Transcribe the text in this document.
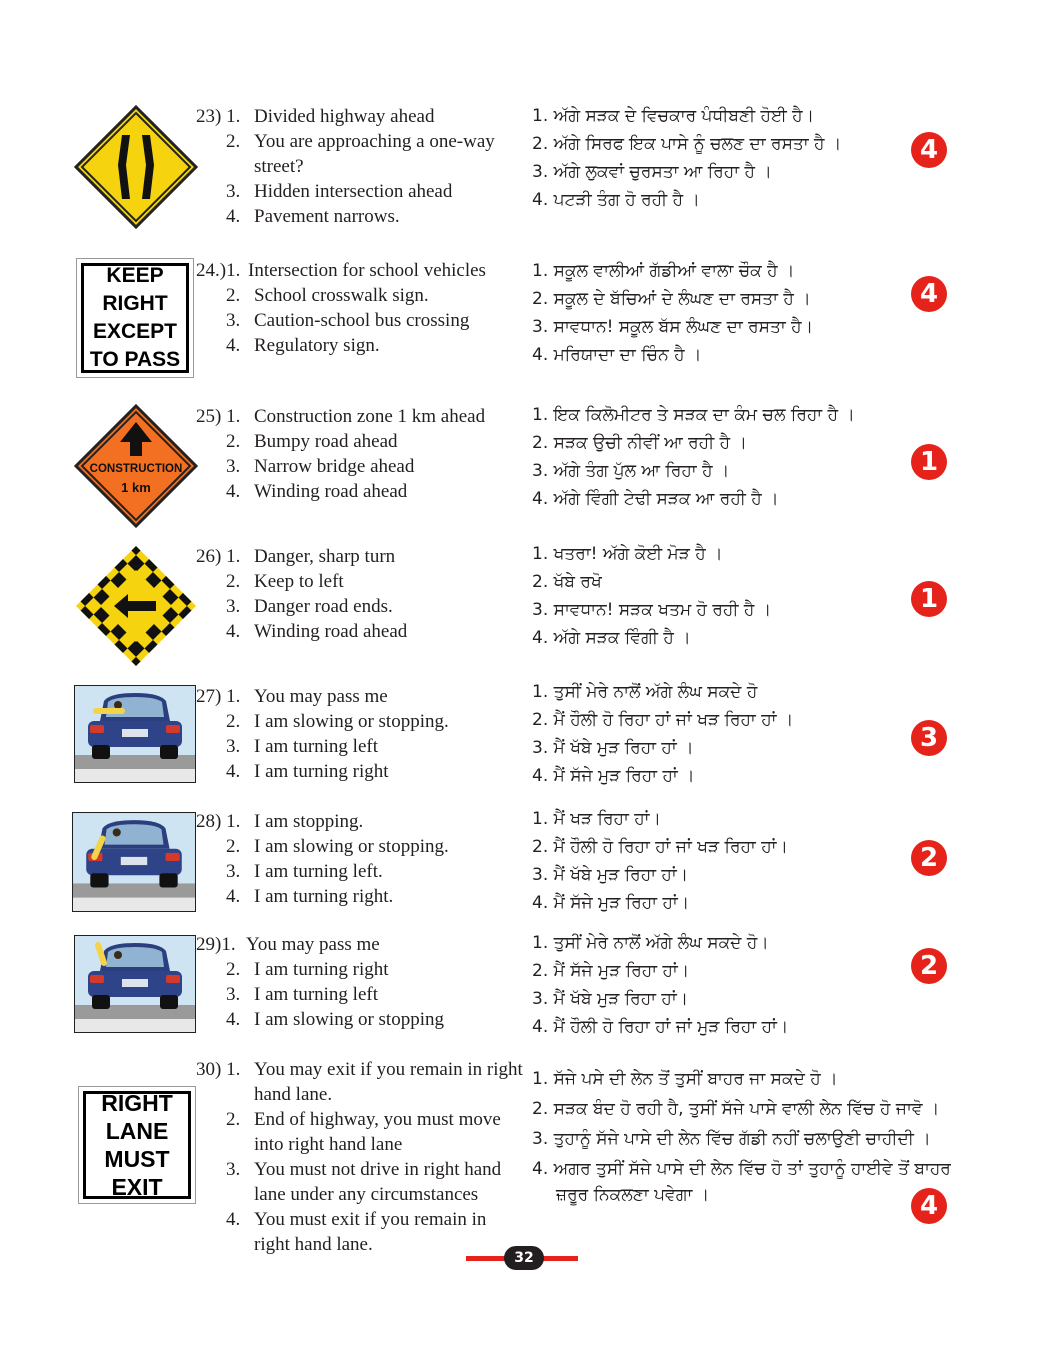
23) 1. Divided highway ahead
2. You are approaching a one-way street?
3. Hidden intersection ahead
4. Pavement narrows.
1. ਅੱਗੇ ਸੜਕ ਦੇ ਵਿਚਕਾਰ ਪੰਧੀਬਣੀ ਹੋਈ ਹੈ।
2. ਅੱਗੇ ਸਿਰਫ ਇਕ ਪਾਸੇ ਨੂੰ ਚਲਣ ਦਾ ਰਸਤਾ ਹੈ ।
3. ਅੱਗੇ ਲੁਕਵਾਂ ਚੁਰਸਤਾ ਆ ਰਿਹਾ ਹੈ ।
4. ਪਟੜੀ ਤੰਗ ਹੋ ਰਹੀ ਹੈ ।
4
KEEP
RIGHT
EXCEPT
TO PASS
24.)1. Intersection for school vehicles
2. School crosswalk sign.
3. Caution-school bus crossing
4. Regulatory sign.
1. ਸਕੂਲ ਵਾਲੀਆਂ ਗੱਡੀਆਂ ਵਾਲਾ ਚੌਕ ਹੈ ।
2. ਸਕੂਲ ਦੇ ਬੱਚਿਆਂ ਦੇ ਲੰਘਣ ਦਾ ਰਸਤਾ ਹੈ ।
3. ਸਾਵਧਾਨ! ਸਕੂਲ ਬੱਸ ਲੰਘਣ ਦਾ ਰਸਤਾ ਹੈ।
4. ਮਰਿਯਾਦਾ ਦਾ ਚਿੰਨ ਹੈ ।
4
CONSTRUCTION
1 km
25) 1. Construction zone 1 km ahead
2. Bumpy road ahead
3. Narrow bridge ahead
4. Winding road ahead
1. ਇਕ ਕਿਲੋਮੀਟਰ ਤੇ ਸੜਕ ਦਾ ਕੰਮ ਚਲ ਰਿਹਾ ਹੈ ।
2. ਸੜਕ ਉਚੀ ਨੀਵੀਂ ਆ ਰਹੀ ਹੈ ।
3. ਅੱਗੇ ਤੰਗ ਪੁੱਲ ਆ ਰਿਹਾ ਹੈ ।
4. ਅੱਗੇ ਵਿੰਗੀ ਟੇਢੀ ਸੜਕ ਆ ਰਹੀ ਹੈ ।
1
26) 1. Danger, sharp turn
2. Keep to left
3. Danger road ends.
4. Winding road ahead
1. ਖਤਰਾ! ਅੱਗੇ ਕੋਈ ਮੋੜ ਹੈ ।
2. ਖੱਬੇ ਰਖੋ
3. ਸਾਵਧਾਨ! ਸੜਕ ਖਤਮ ਹੋ ਰਹੀ ਹੈ ।
4. ਅੱਗੇ ਸੜਕ ਵਿੰਗੀ ਹੈ ।
1
27) 1. You may pass me
2. I am slowing or stopping.
3. I am turning left
4. I am turning right
1. ਤੁਸੀਂ ਮੇਰੇ ਨਾਲੋਂ ਅੱਗੇ ਲੰਘ ਸਕਦੇ ਹੋ
2. ਮੈਂ ਹੌਲੀ ਹੋ ਰਿਹਾ ਹਾਂ ਜਾਂ ਖੜ ਰਿਹਾ ਹਾਂ ।
3. ਮੈਂ ਖੱਬੇ ਮੁੜ ਰਿਹਾ ਹਾਂ ।
4. ਮੈਂ ਸੱਜੇ ਮੁੜ ਰਿਹਾ ਹਾਂ ।
3
28) 1. I am stopping.
2. I am slowing or stopping.
3. I am turning left.
4. I am turning right.
1. ਮੈਂ ਖੜ ਰਿਹਾ ਹਾਂ।
2. ਮੈਂ ਹੌਲੀ ਹੋ ਰਿਹਾ ਹਾਂ ਜਾਂ ਖੜ ਰਿਹਾ ਹਾਂ।
3. ਮੈਂ ਖੱਬੇ ਮੁੜ ਰਿਹਾ ਹਾਂ।
4. ਮੈਂ ਸੱਜੇ ਮੁੜ ਰਿਹਾ ਹਾਂ।
2
29)1. You may pass me
2. I am turning right
3. I am turning left
4. I am slowing or stopping
1. ਤੁਸੀਂ ਮੇਰੇ ਨਾਲੋਂ ਅੱਗੇ ਲੰਘ ਸਕਦੇ ਹੋ।
2. ਮੈਂ ਸੱਜੇ ਮੁੜ ਰਿਹਾ ਹਾਂ।
3. ਮੈਂ ਖੱਬੇ ਮੁੜ ਰਿਹਾ ਹਾਂ।
4. ਮੈਂ ਹੌਲੀ ਹੋ ਰਿਹਾ ਹਾਂ ਜਾਂ ਮੁੜ ਰਿਹਾ ਹਾਂ।
2
RIGHT
LANE
MUST
EXIT
30) 1. You may exit if you remain in right hand lane.
2. End of highway, you must move into right hand lane
3. You must not drive in right hand lane under any circumstances
4. You must exit if you remain in right hand lane.
1. ਸੱਜੇ ਪਸੇ ਦੀ ਲੇਨ ਤੋਂ ਤੁਸੀਂ ਬਾਹਰ ਜਾ ਸਕਦੇ ਹੋ ।
2. ਸੜਕ ਬੰਦ ਹੋ ਰਹੀ ਹੈ, ਤੁਸੀਂ ਸੱਜੇ ਪਾਸੇ ਵਾਲੀ ਲੇਨ ਵਿੱਚ ਹੋ ਜਾਵੋ ।
3. ਤੁਹਾਨੂੰ ਸੱਜੇ ਪਾਸੇ ਦੀ ਲੇਨ ਵਿੱਚ ਗੱਡੀ ਨਹੀਂ ਚਲਾਉਣੀ ਚਾਹੀਦੀ ।
4. ਅਗਰ ਤੁਸੀਂ ਸੱਜੇ ਪਾਸੇ ਦੀ ਲੇਨ ਵਿੱਚ ਹੋ ਤਾਂ ਤੁਹਾਨੂੰ ਹਾਈਵੇ ਤੋਂ ਬਾਹਰ
ਜ਼ਰੂਰ ਨਿਕਲਣਾ ਪਵੇਗਾ ।	4
32
